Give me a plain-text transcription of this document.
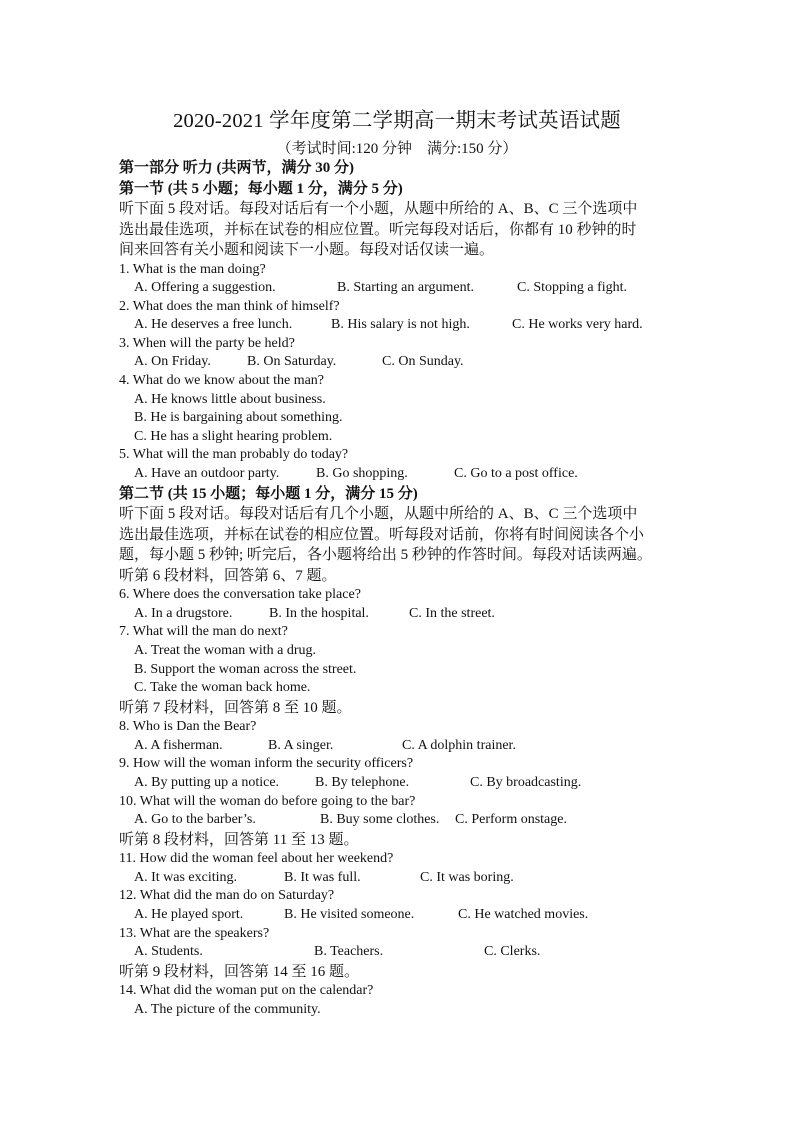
2020-2021 学年度第二学期高一期末考试英语试题
（考试时间:120 分钟　满分:150 分）
第一部分 听力 (共两节，满分 30 分)
第一节 (共 5 小题；每小题 1 分，满分 5 分)
听下面 5 段对话。每段对话后有一个小题，从题中所给的 A、B、C 三个选项中
选出最佳选项，并标在试卷的相应位置。听完每段对话后，你都有 10 秒钟的时
间来回答有关小题和阅读下一小题。每段对话仅读一遍。
1. What is the man doing?
A. Offering a suggestion.	B. Starting an argument.	C. Stopping a fight.
2. What does the man think of himself?
A. He deserves a free lunch.	B. His salary is not high.	C. He works very hard.
3. When will the party be held?
A. On Friday.	B. On Saturday.	C. On Sunday.
4. What do we know about the man?
A. He knows little about business.
B. He is bargaining about something.
C. He has a slight hearing problem.
5. What will the man probably do today?
A. Have an outdoor party.	B. Go shopping.	C. Go to a post office.
第二节 (共 15 小题；每小题 1 分，满分 15 分)
听下面 5 段对话。每段对话后有几个小题，从题中所给的 A、B、C 三个选项中
选出最佳选项，并标在试卷的相应位置。听每段对话前，你将有时间阅读各个小
题，每小题 5 秒钟; 听完后，各小题将给出 5 秒钟的作答时间。每段对话读两遍。
听第 6 段材料，回答第 6、7 题。
6. Where does the conversation take place?
A. In a drugstore.	B. In the hospital.	C. In the street.
7. What will the man do next?
A. Treat the woman with a drug.
B. Support the woman across the street.
C. Take the woman back home.
听第 7 段材料，回答第 8 至 10 题。
8. Who is Dan the Bear?
A. A fisherman.	B. A singer.	C. A dolphin trainer.
9. How will the woman inform the security officers?
A. By putting up a notice.	B. By telephone.	C. By broadcasting.
10. What will the woman do before going to the bar?
A. Go to the barber’s.	B. Buy some clothes.	C. Perform onstage.
听第 8 段材料，回答第 11 至 13 题。
11. How did the woman feel about her weekend?
A. It was exciting.	B. It was full.	C. It was boring.
12. What did the man do on Saturday?
A. He played sport.	B. He visited someone.	C. He watched movies.
13. What are the speakers?
A. Students.	B. Teachers.	C. Clerks.
听第 9 段材料，回答第 14 至 16 题。
14. What did the woman put on the calendar?
A. The picture of the community.
